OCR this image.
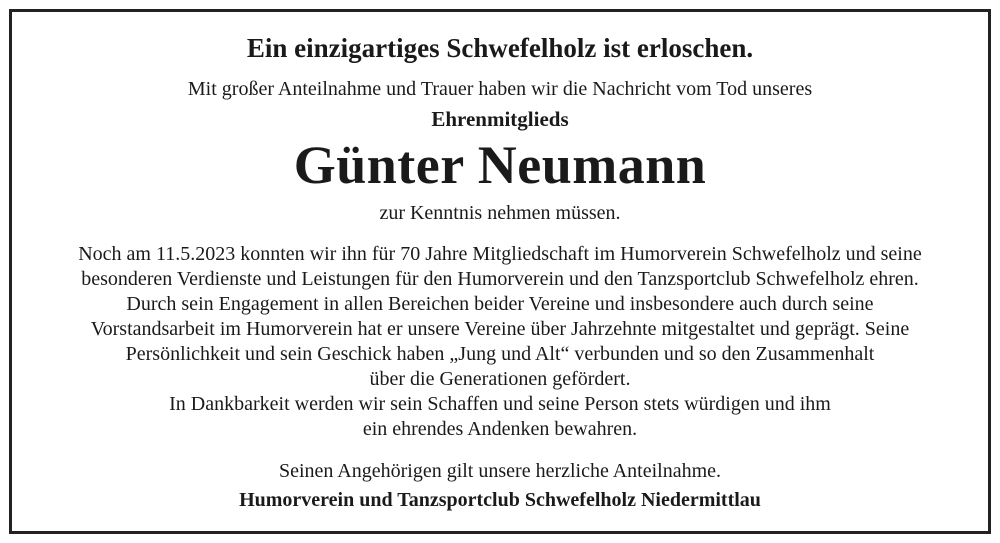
Ein einzigartiges Schwefelholz ist erloschen.
Mit großer Anteilnahme und Trauer haben wir die Nachricht vom Tod unseres
Ehrenmitglieds
Günter Neumann
zur Kenntnis nehmen müssen.
Noch am 11.5.2023 konnten wir ihn für 70 Jahre Mitgliedschaft im Humorverein Schwefelholz und seine
besonderen Verdienste und Leistungen für den Humorverein und den Tanzsportclub Schwefelholz ehren.
Durch sein Engagement in allen Bereichen beider Vereine und insbesondere auch durch seine
Vorstandsarbeit im Humorverein hat er unsere Vereine über Jahrzehnte mitgestaltet und geprägt. Seine
Persönlichkeit und sein Geschick haben „Jung und Alt“ verbunden und so den Zusammenhalt
über die Generationen gefördert.
In Dankbarkeit werden wir sein Schaffen und seine Person stets würdigen und ihm
ein ehrendes Andenken bewahren.
Seinen Angehörigen gilt unsere herzliche Anteilnahme.
Humorverein und Tanzsportclub Schwefelholz Niedermittlau
